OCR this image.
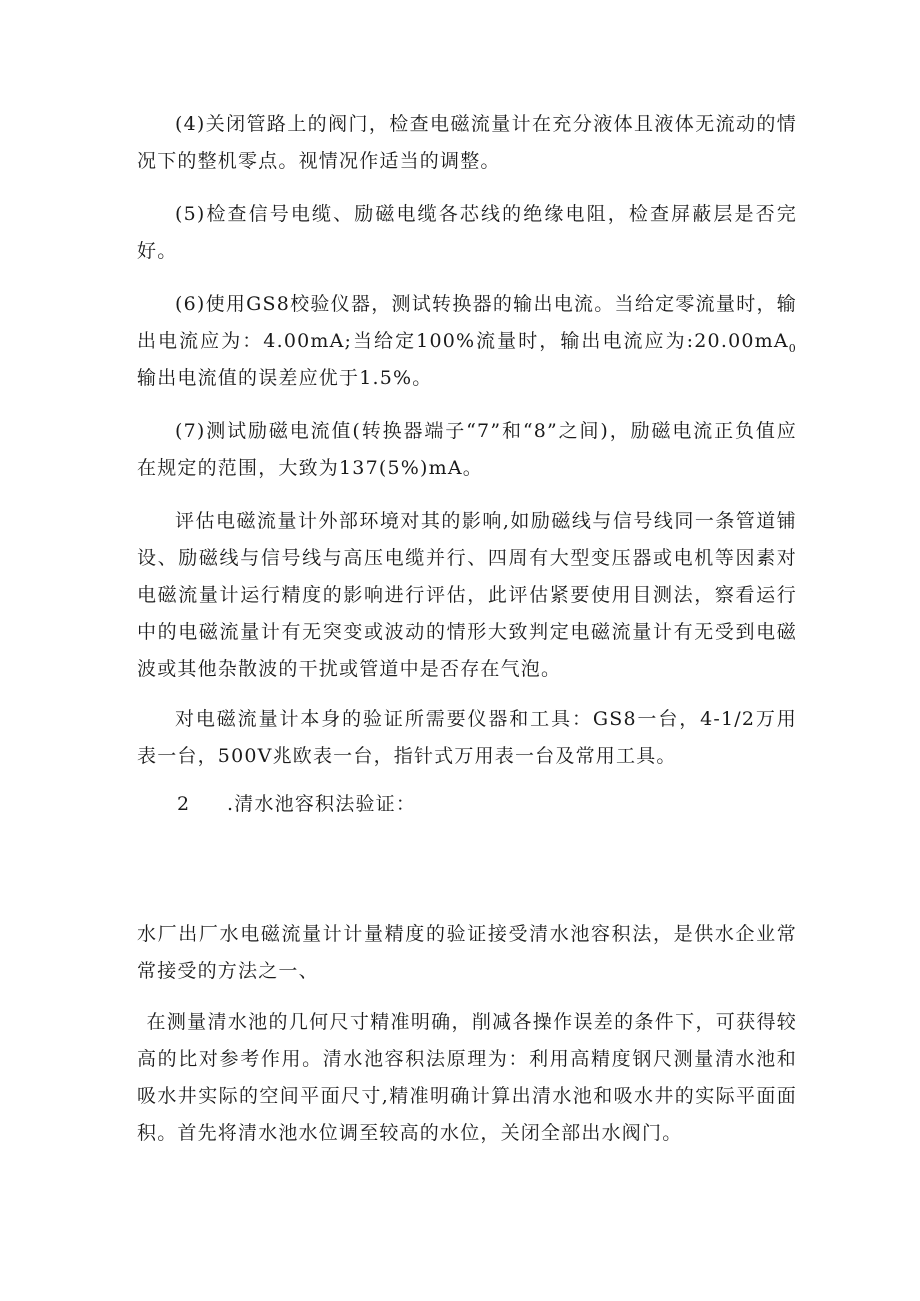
(4)关闭管路上的阀门，检查电磁流量计在充分液体且液体无流动的情况下的整机零点。视情况作适当的调整。

(5)检查信号电缆、励磁电缆各芯线的绝缘电阻，检查屏蔽层是否完好。

(6)使用GS8校验仪器，测试转换器的输出电流。当给定零流量时，输出电流应为：4.00mA;当给定100%流量时，输出电流应为$:20.00mA_0$输出电流值的误差应优于1.5%。

(7)测试励磁电流值(转换器端子“7”和“8”之间)，励磁电流正负值应在规定的范围，大致为137(5%)mA。

评估电磁流量计外部环境对其的影响,如励磁线与信号线同一条管道铺设、励磁线与信号线与高压电缆并行、四周有大型变压器或电机等因素对电磁流量计运行精度的影响进行评估，此评估紧要使用目测法，察看运行中的电磁流量计有无突变或波动的情形大致判定电磁流量计有无受到电磁波或其他杂散波的干扰或管道中是否存在气泡。

对电磁流量计本身的验证所需要仪器和工具：GS8一台，4-1/2万用表一台，500V兆欧表一台，指针式万用表一台及常用工具。

2 .清水池容积法验证：

水厂出厂水电磁流量计计量精度的验证接受清水池容积法，是供水企业常常接受的方法之一、

在测量清水池的几何尺寸精准明确，削减各操作误差的条件下，可获得较高的比对参考作用。清水池容积法原理为：利用高精度钢尺测量清水池和吸水井实际的空间平面尺寸,精准明确计算出清水池和吸水井的实际平面面积。首先将清水池水位调至较高的水位，关闭全部出水阀门。
